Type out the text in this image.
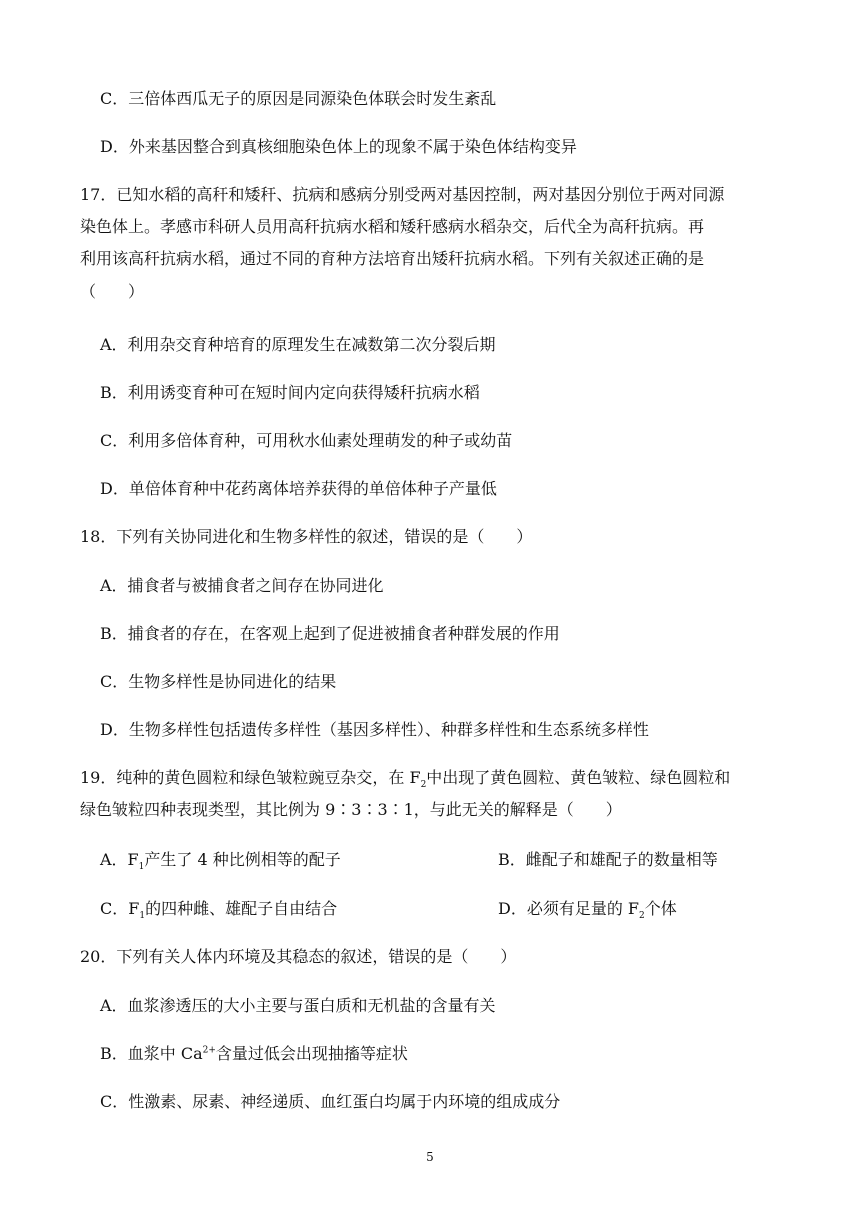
C．三倍体西瓜无子的原因是同源染色体联会时发生紊乱
D．外来基因整合到真核细胞染色体上的现象不属于染色体结构变异
17．已知水稻的高秆和矮秆、抗病和感病分别受两对基因控制，两对基因分别位于两对同源
染色体上。孝感市科研人员用高秆抗病水稻和矮秆感病水稻杂交，后代全为高秆抗病。再
利用该高秆抗病水稻，通过不同的育种方法培育出矮秆抗病水稻。下列有关叙述正确的是
（　　）
A．利用杂交育种培育的原理发生在减数第二次分裂后期
B．利用诱变育种可在短时间内定向获得矮秆抗病水稻
C．利用多倍体育种，可用秋水仙素处理萌发的种子或幼苗
D．单倍体育种中花药离体培养获得的单倍体种子产量低
18．下列有关协同进化和生物多样性的叙述，错误的是（　　）
A．捕食者与被捕食者之间存在协同进化
B．捕食者的存在，在客观上起到了促进被捕食者种群发展的作用
C．生物多样性是协同进化的结果
D．生物多样性包括遗传多样性（基因多样性）、种群多样性和生态系统多样性
19．纯种的黄色圆粒和绿色皱粒豌豆杂交，在 $F_2$中出现了黄色圆粒、黄色皱粒、绿色圆粒和
绿色皱粒四种表现类型，其比例为 9∶3∶3∶1，与此无关的解释是（　　）
A．$F_1$产生了 4 种比例相等的配子	B．雌配子和雄配子的数量相等
C．$F_1$的四种雌、雄配子自由结合	D．必须有足量的 $F_2$个体
20．下列有关人体内环境及其稳态的叙述，错误的是（　　）
A．血浆渗透压的大小主要与蛋白质和无机盐的含量有关
B．血浆中 $Ca^{2+}$含量过低会出现抽搐等症状
C．性激素、尿素、神经递质、血红蛋白均属于内环境的组成成分
5
